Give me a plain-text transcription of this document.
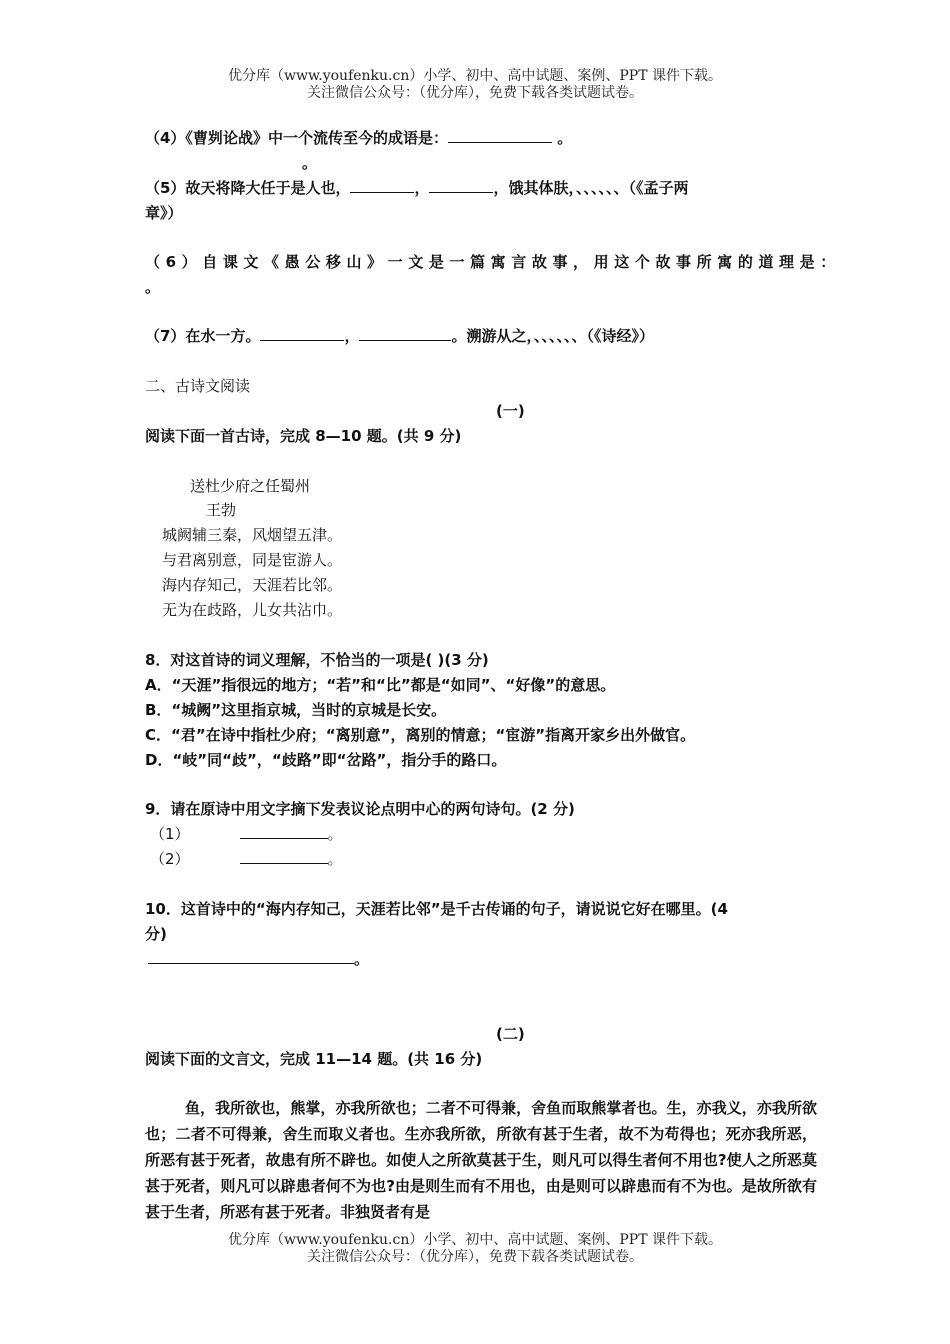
优分库（www.youfenku.cn）小学、初中、高中试题、案例、PPT 课件下载。
关注微信公众号：（优分库），免费下载各类试题试卷。
（4）《曹刿论战》中一个流传至今的成语是：	。
。
（5）故天将降大任于是人也，	，	，饿其体肤，、、、、、、（《孟子两
章》）
（6）自课文《愚公移山》一文是一篇寓言故事，用这个故事所寓的道理是：
。
（7）在水一方。	，	。溯游从之，、、、、、、（《诗经》）
二、古诗文阅读
(一)
阅读下面一首古诗，完成 8—10 题。(共 9 分)
送杜少府之任蜀州
王勃
城阙辅三秦，风烟望五津。
与君离别意，同是宦游人。
海内存知己，天涯若比邻。
无为在歧路，儿女共沾巾。
8．对这首诗的词义理解，不恰当的一项是( )(3 分)
A．“天涯”指很远的地方；“若”和“比”都是“如同”、“好像”的意思。
B．“城阙”这里指京城，当时的京城是长安。
C．“君”在诗中指杜少府；“离别意”，离别的情意；“宦游”指离开家乡出外做官。
D．“岐”同“歧”，“歧路”即“岔路”，指分手的路口。
9．请在原诗中用文字摘下发表议论点明中心的两句诗句。(2 分)
（1）	。
（2）	。
10．这首诗中的“海内存知己，天涯若比邻”是千古传诵的句子，请说说它好在哪里。(4
分)
。
(二)
阅读下面的文言文，完成 11—14 题。(共 16 分)
鱼，我所欲也，熊掌，亦我所欲也；二者不可得兼，舍鱼而取熊掌者也。生，亦我义，亦我所欲也；二者不可得兼，舍生而取义者也。生亦我所欲，所欲有甚于生者，故不为苟得也；死亦我所恶，所恶有甚于死者，故患有所不辟也。如使人之所欲莫甚于生，则凡可以得生者何不用也?使人之所恶莫甚于死者，则凡可以辟患者何不为也?由是则生而有不用也，由是则可以辟患而有不为也。是故所欲有甚于生者，所恶有甚于死者。非独贤者有是
优分库（www.youfenku.cn）小学、初中、高中试题、案例、PPT 课件下载。
关注微信公众号：（优分库），免费下载各类试题试卷。
